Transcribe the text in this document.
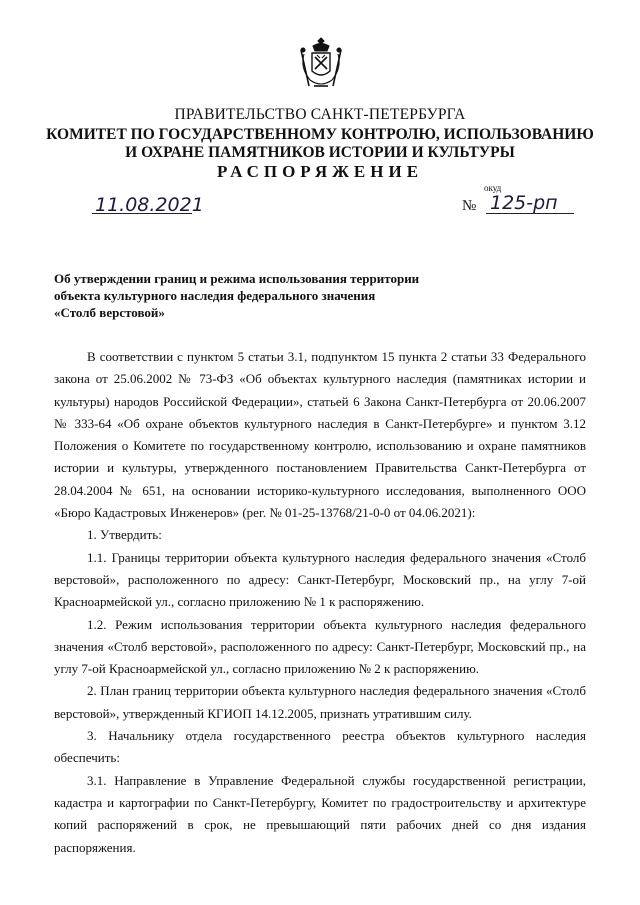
ПРАВИТЕЛЬСТВО САНКТ-ПЕТЕРБУРГА
КОМИТЕТ ПО ГОСУДАРСТВЕННОМУ КОНТРОЛЮ, ИСПОЛЬЗОВАНИЮ
И ОХРАНЕ ПАМЯТНИКОВ ИСТОРИИ И КУЛЬТУРЫ
РАСПОРЯЖЕНИЕ
11.08.2021
окуд
№ 125-рп
Об утверждении границ и режима использования территории
объекта культурного наследия федерального значения
«Столб верстовой»

В соответствии с пунктом 5 статьи 3.1, подпунктом 15 пункта 2 статьи 33 Федерального закона от 25.06.2002 № 73-ФЗ «Об объектах культурного наследия (памятниках истории и культуры) народов Российской Федерации», статьей 6 Закона Санкт-Петербурга от 20.06.2007 № 333-64 «Об охране объектов культурного наследия в Санкт-Петербурге» и пунктом 3.12 Положения о Комитете по государственному контролю, использованию и охране памятников истории и культуры, утвержденного постановлением Правительства Санкт-Петербурга от 28.04.2004 № 651, на основании историко-культурного исследования, выполненного ООО «Бюро Кадастровых Инженеров» (рег. № 01-25-13768/21-0-0 от 04.06.2021):

1. Утвердить:

1.1. Границы территории объекта культурного наследия федерального значения «Столб верстовой», расположенного по адресу: Санкт-Петербург, Московский пр., на углу 7-ой Красноармейской ул., согласно приложению № 1 к распоряжению.

1.2. Режим использования территории объекта культурного наследия федерального значения «Столб верстовой», расположенного по адресу: Санкт-Петербург, Московский пр., на углу 7-ой Красноармейской ул., согласно приложению № 2 к распоряжению.

2. План границ территории объекта культурного наследия федерального значения «Столб верстовой», утвержденный КГИОП 14.12.2005, признать утратившим силу.

3. Начальнику отдела государственного реестра объектов культурного наследия обеспечить:

3.1. Направление в Управление Федеральной службы государственной регистрации, кадастра и картографии по Санкт-Петербургу, Комитет по градостроительству и архитектуре копий распоряжений в срок, не превышающий пяти рабочих дней со дня издания распоряжения.
